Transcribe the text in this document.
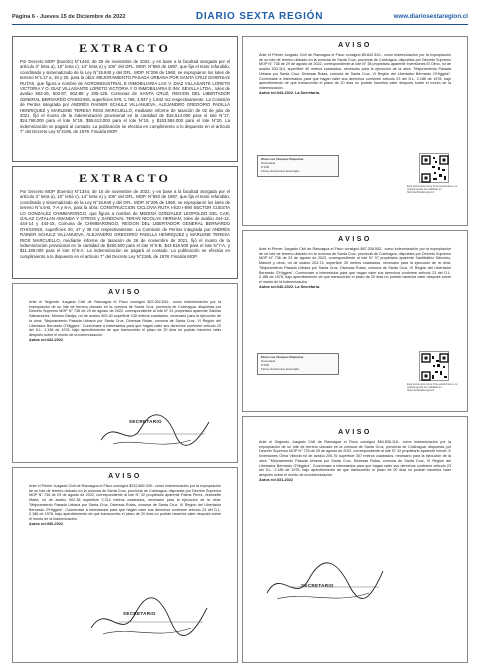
Página 6 - Jueves 15 de Diciembre de 2022	DIARIO SEXTA REGIÓN	www.diariosextaregion.cl
EXTRACTO
Por Decreto MOP (Exento) N°1440, de 25 de noviembre de 2022, y en base a la facultad otorgada por el artículo 3° letra a), 10° letra c), 14° letra e) y 105° del DFL. MOP. N°850 de 1997, que fija el texto refundido, coordinado y sistematizado de la Ley N°15.840 y del DFL. MOP. N°206 de 1960, se expropiaron los lotes de terreno N°s.17 a, 18 y 20, para la obra: MEJORAMIENTO PASADA URBANA POR SANTA CRUZ DIVERSAS RUTAS, que figura a nombre de AGROINDUSTRIAL E INMOBILIARIA LAS V. DIAZ VILLASANTE LORETO VICTORIA Y O. DIAZ VILLASANTE LORETO VICTORIA Y O INMOBILIARIA E INV. SEVILLA LTDA., roles de avalúo 502-26, 502-87, 502-88 y 205-128. Comunas de SANTA CRUZ, REGION DEL LIBERTADOR GENERAL BERNARDO O'HIGGINS, superficies 976, 1.769, 3.937 y 1.842 m2 respectivamente. La Comisión de Peritos integrada por ANDRÉS RAINER SCHULZ VILLANUEVA, ALEJANDRO GREGORIO PADILLA HENRIQUEZ y MARLENE TERESA RIOS MARCUELLO, mediante informe de tasación de 02 de julio de 2021, fijó el monto de la indemnización provisional en la cantidad de $16.514.000 para el lote N°17, $24.768.000 para el lote N°18, $55.613.000 para el lote N°19, y $153.594.000 para el lote N°20. La indemnización se pagará al contado. La publicación se efectúa en cumplimiento a lo dispuesto en el artículo 7° del Decreto Ley N°2186, de 1978. Fiscalía MOP.
EXTRACTO
Por Decreto MOP (Exento) N°1344, de 16 de noviembre de 2022, y en base a la facultad otorgada por el artículo 3° letra a), 10° letra c), 14° letra e) y 105° del DFL. MOP. N°850 de 1997, que fija el texto refundido, coordinado y sistematizado de la Ley N°15.840 y del DFL. MOP. N°206 de 1960, se expropiaron los lotes de terreno N°s.6-B, 7-A y 8-A, para la obra: CONSTRUCCION CICLOVIA RUTA I-810 I-890 SECTOR CUESTA LO GONZALEZ CHIMBARONGO, que figura a nombre de MEDINA GONZALEZ LEOPOLDO DEL CAR, GALAZ CATALAN AMANDA Y OTROS y SANDOVAL TERAN NICOLAS HERNAN, roles de avalúo 444-12, 444-14 y 444-15, Comuna de CHIMBARONGO, REGION DEL LIBERTADOR GENERAL BERNARDO O'HIGGINS, superficies 20, 47 y 38 m2 respectivamente. La Comisión de Peritos integrada por ANDRÉS RAINER SCHULZ VILLANUEVA, ALEJANDRO GREGORIO PADILLA HENRIQUEZ y MARLENE TERESA RIOS MARCUELLO, mediante informe de tasación de 26 de noviembre de 2021, fijó el monto de la indemnización provisional en la cantidad de $460.500 para el lote N°6-B, $43.819.500 para el lote N°7-A, y $11.189.000 para el lote N°8-A. La indemnización se pagará al contado. La publicación se efectúa en cumplimiento a lo dispuesto en el artículo 7° del Decreto Ley N°2186, de 1978. Fiscalía MOP.
AVISO
Ante el Segundo Juzgado Civil de Rancagua el Fisco consignó $22.002.834.- como indemnización por la expropiación de un lote de terreno ubicado en la comuna de Santa Cruz, provincia de Colchagua, dispuesta por Decreto Supremo MOP N° 736 de 29 de agosto de 2022, correspondiente al lote N° 31 propietario aparente Salinas Saimanonez, Mónica Gladys, rol de avalúo 502-40 superficie 130 metros cuadrados, necesario para la ejecución de la obra: "Mejoramiento Pasada Urbana por Santa Cruz, Diversas Rutas, comuna de Santa Cruz, VI Región del Libertador Bernardo O'Higgins". Conmínase a interesados para que hagan valer sus derechos conforme artículo 23 del D.L. 2.186 de 1978, bajo apercibimiento de que transcurrido el plazo de 20 días no podrán hacerlos valer después sobre el monto de la indemnización.
Autos rol:332-2022
SECRETARIO
AVISO
Ante el Primer Juzgado Civil de Rancagua el Fisco consignó $232.869.339.- como indemnización por la expropiación de un lote de terreno ubicado en la comuna de Santa Cruz, provincia de Colchagua, dispuesta por Decreto Supremo MOP N° 736 de 29 de agosto de 2022, correspondiente al lote N° 32 propietario aparente Palma Perez, Jeannette Marta, rol de avalúo 502-38 superficie 2.214 metros cuadrados, necesario para la ejecución de la obra: "Mejoramiento Pasada Urbana por Santa Cruz, Diversas Rutas, comuna de Santa Cruz, VI Región del Libertador Bernardo O'Higgins". Conmínase a interesados para que hagan valer sus derechos conforme artículo 23 del D.L. 2.186 de 1978, bajo apercibimiento de que transcurrido el plazo de 20 días no podrán hacerlos valer después sobre el monto de la indemnización.
Autos rol:330-2022
SECRETARIO
AVISO
Ante el Primer Juzgado Civil de Rancagua el Fisco consignó $5.842.510.- como indemnización por la expropiación de un lote de terreno ubicado en la comuna de Santa Cruz, provincia de Colchagua, dispuesta por Decreto Supremo MOP N° 736 de 29 de agosto de 2022, correspondiente al lote N° 38 propietario aparente Inversiones El Olmo, rol de avalúo 203-114, superficie 40 metros cuadrados, necesario para la ejecución de la obra: "Mejoramiento Pasada Urbana por Santa Cruz, Diversas Rutas, comuna de Santa Cruz, VI Región del Libertador Bernardo O'Higgins". Conmínase a interesados para que hagan valer sus derechos conforme artículo 23 del D.L. 2.186 de 1978, bajo apercibimiento de que transcurrido el plazo de 20 días no podrán hacerlos valer después sobre el monto de la indemnización.
Autos rol:343-2022. La Secretaria.
Klara Lua Vásquez Riquelme
Secretaria
PJUD
Firma electrónica avanzada
Este documento tiene firma electrónica y su original puede ser validado en http://verificadoc.pjud.cl
AVISO
Ante el Primer Juzgado Civil de Rancagua el Fisco consignó $67.208.552.- como indemnización por la expropiación de un lote de terreno ubicado en la comuna de Santa Cruz, provincia de Colchagua, dispuesta por Decreto Supremo MOP N° 736 de 29 de agosto de 2022, correspondiente al lote N° 37 propietario aparente Santibáñez Sánchez, Manuel y otros, rol de avalúo 203-74, superficie 20 metros cuadrados, necesario para la ejecución de la obra: "Mejoramiento Pasada Urbana por Santa Cruz, Diversas Rutas, comuna de Santa Cruz, VI Región del Libertador Bernardo O'Higgins". Conmínase a interesados para que hagan valer sus derechos conforme artículo 23 del D.L. 2.186 de 1978, bajo apercibimiento de que transcurrido el plazo de 20 días no podrán hacerlos valer después sobre el monto de la indemnización.
Autos rol:340-2022. La Secretaria.
Klara Lua Vásquez Riquelme
Secretaria
PJUD
Firma electrónica avanzada
Este documento tiene firma electrónica y su original puede ser validado en http://verificadoc.pjud.cl
AVISO
Ante el Segundo Juzgado Civil de Rancagua el Fisco consignó $64.836.116.- como indemnización por la expropiación de un lote de terreno ubicado en la comuna de Santa Cruz, provincia de Colchagua, dispuesta por Decreto Supremo MOP N° 735 de 25 de agosto de 2022, correspondiente al lote N° 42 propietario aparente Inmob. E Inversiones Olma Victoria rol de avalúo 205-76 superficie 307 metros cuadrados, necesario para la ejecución de la obra: "Mejoramiento Pasada Urbana por Santa Cruz, Diversas Rutas, comuna de Santa Cruz, VI Región del Libertador Bernardo O'Higgins". Conmínase a interesados para que hagan valer sus derechos conforme artículo 23 del D.L. 2.186 de 1978, bajo apercibimiento de que transcurrido el plazo de 20 días no podrán hacerlos valer después sobre el monto de la indemnización.
Autos rol:331-2022
SECRETARIO
